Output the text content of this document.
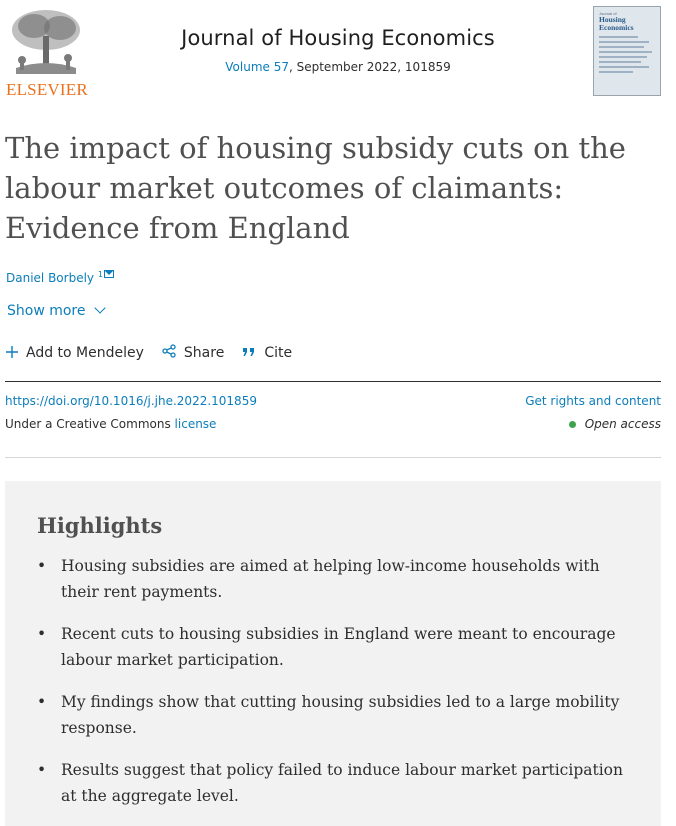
ELSEVIER
Journal of Housing Economics
Volume 57, September 2022, 101859
Journal of
Housing
Economics
The impact of housing subsidy cuts on the labour market outcomes of claimants: Evidence from England
Daniel Borbely $^1$
Show more
Add to Mendeley	Share	Cite
https://doi.org/10.1016/j.jhe.2022.101859	Get rights and content
Under a Creative Commons license	Open access
Highlights
• Housing subsidies are aimed at helping low-income households with their rent payments.
• Recent cuts to housing subsidies in England were meant to encourage labour market participation.
• My findings show that cutting housing subsidies led to a large mobility response.
• Results suggest that policy failed to induce labour market participation at the aggregate level.
